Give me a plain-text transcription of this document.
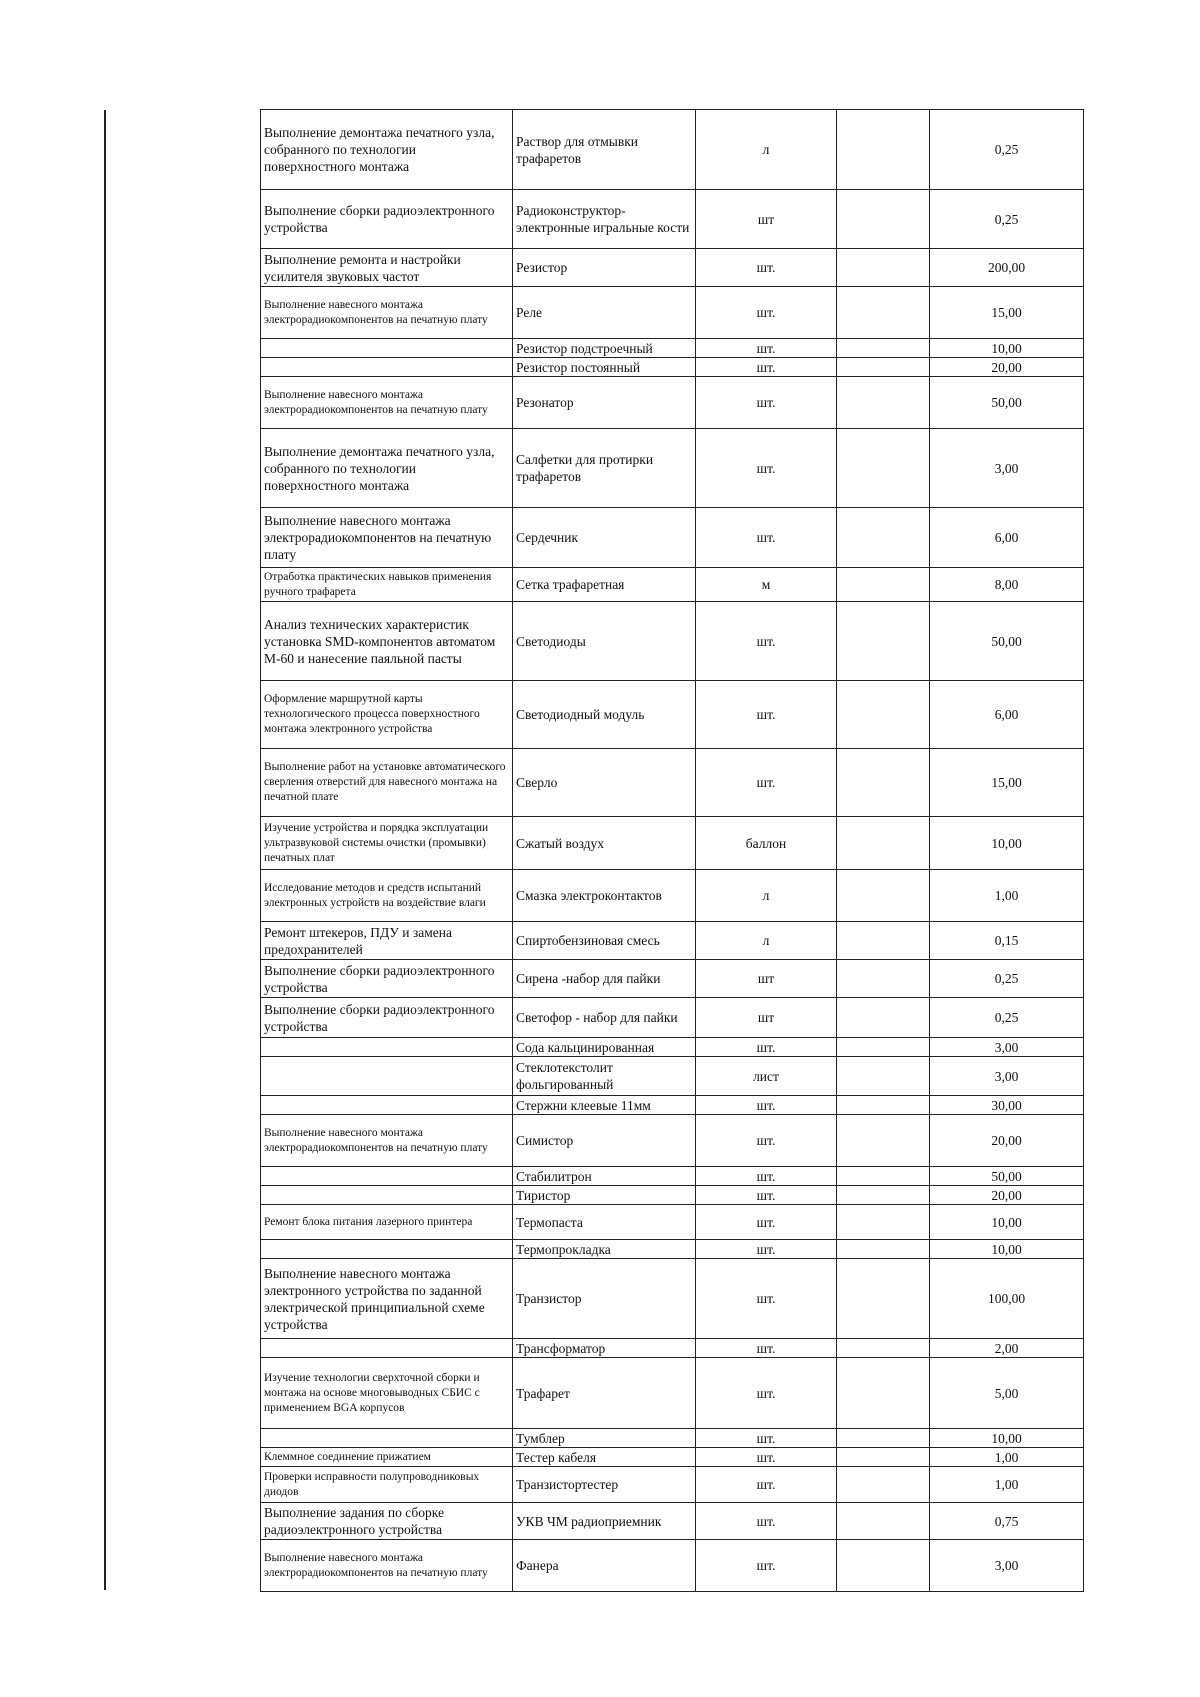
Выполнение демонтажа печатного узла, собранного по технологии поверхностного монтажа	Раствор для отмывки трафаретов	л		0,25
Выполнение сборки радиоэлектронного устройства	Радиоконструктор- электронные игральные кости	шт		0,25
Выполнение ремонта и настройки усилителя звуковых частот	Резистор	шт.		200,00
Выполнение навесного монтажа электрорадиокомпонентов на печатную плату	Реле	шт.		15,00
	Резистор подстроечный	шт.		10,00
	Резистор постоянный	шт.		20,00
Выполнение навесного монтажа электрорадиокомпонентов на печатную плату	Резонатор	шт.		50,00
Выполнение демонтажа печатного узла, собранного по технологии поверхностного монтажа	Салфетки для протирки трафаретов	шт.		3,00
Выполнение навесного монтажа электрорадиокомпонентов на печатную плату	Сердечник	шт.		6,00
Отработка практических навыков применения ручного трафарета	Сетка трафаретная	м		8,00
Анализ технических характеристик установка SMD-компонентов автоматом М-60 и нанесение паяльной пасты	Светодиоды	шт.		50,00
Оформление маршрутной карты технологического процесса поверхностного монтажа электронного устройства	Светодиодный модуль	шт.		6,00
Выполнение работ на установке автоматического сверления отверстий для навесного монтажа на печатной плате	Сверло	шт.		15,00
Изучение устройства и порядка эксплуатации ультразвуковой системы очистки (промывки) печатных плат	Сжатый воздух	баллон		10,00
Исследование методов и средств испытаний электронных устройств на воздействие влаги	Смазка электроконтактов	л		1,00
Ремонт штекеров, ПДУ и замена предохранителей	Спиртобензиновая смесь	л		0,15
Выполнение сборки радиоэлектронного устройства	Сирена -набор для пайки	шт		0,25
Выполнение сборки радиоэлектронного устройства	Светофор - набор для пайки	шт		0,25
	Сода кальцинированная	шт.		3,00
	Стеклотекстолит фольгированный	лист		3,00
	Стержни клеевые 11мм	шт.		30,00
Выполнение навесного монтажа электрорадиокомпонентов на печатную плату	Симистор	шт.		20,00
	Стабилитрон	шт.		50,00
	Тиристор	шт.		20,00
Ремонт блока питания лазерного принтера	Термопаста	шт.		10,00
	Термопрокладка	шт.		10,00
Выполнение навесного монтажа электронного устройства по заданной электрической принципиальной схеме устройства	Транзистор	шт.		100,00
	Трансформатор	шт.		2,00
Изучение технологии сверхточной сборки и монтажа на основе многовыводных СБИС с применением BGA корпусов	Трафарет	шт.		5,00
	Тумблер	шт.		10,00
Клеммное соединение прижатием	Тестер кабеля	шт.		1,00
Проверки исправности полупроводниковых диодов	Транзистортестер	шт.		1,00
Выполнение задания по сборке радиоэлектронного устройства	УКВ ЧМ радиоприемник	шт.		0,75
Выполнение навесного монтажа электрорадиокомпонентов на печатную плату	Фанера	шт.		3,00
